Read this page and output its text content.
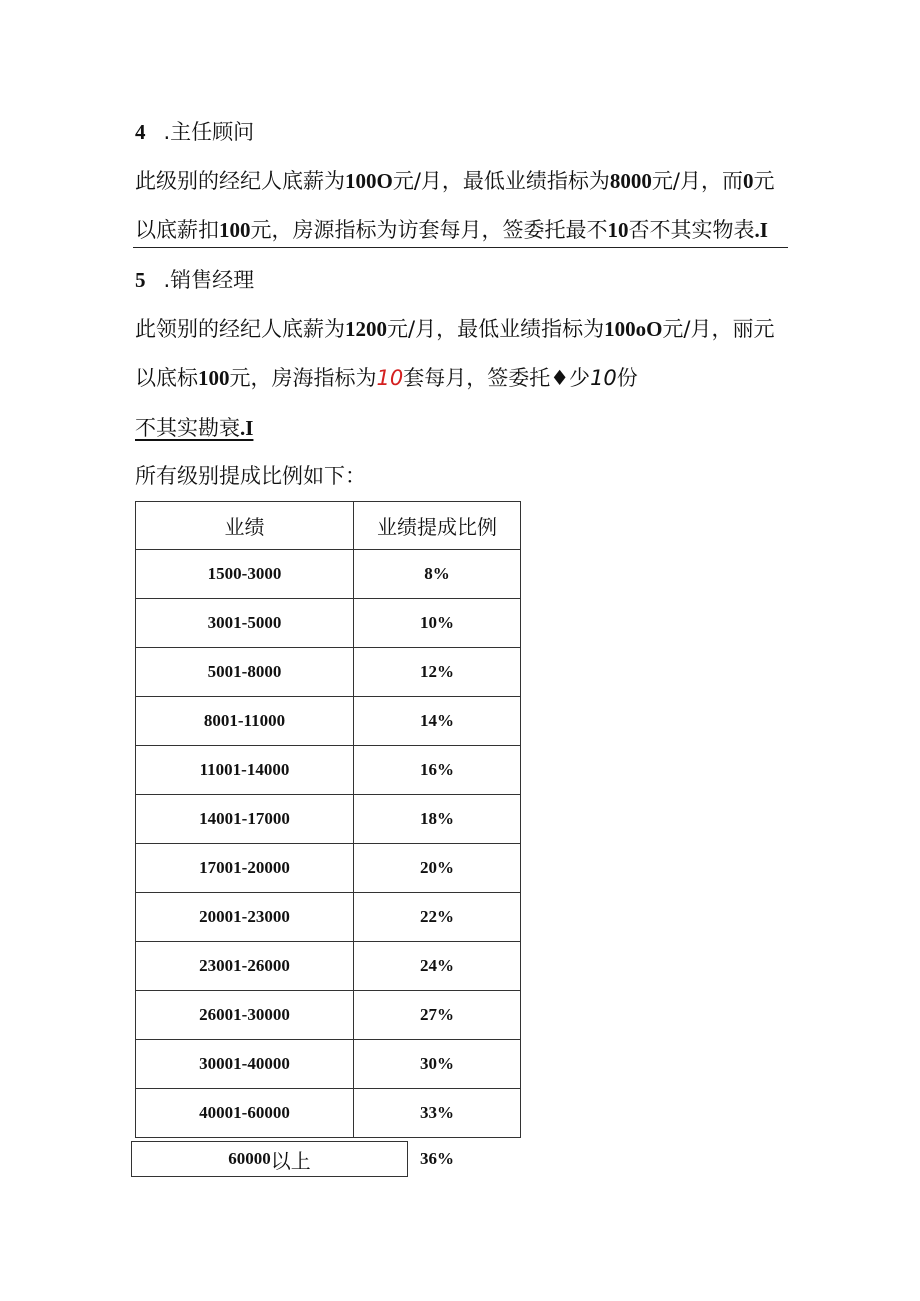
4 .主任顾问
此级别的经纪人底薪为100O元/月，最低业绩指标为8000元/月，而0元
以底薪扣100元，房源指标为访套每月，签委托最不10否不其实物表.I
5 .销售经理
此领别的经纪人底薪为1200元/月，最低业绩指标为100oO元/月，丽元
以底标100元，房海指标为10套每月，签委托♦少10份
不其实勘衰.I
所有级别提成比例如下：
业绩	业绩提成比例
1500-3000	8%
3001-5000	10%
5001-8000	12%
8001-11000	14%
11001-14000	16%
14001-17000	18%
17001-20000	20%
20001-23000	22%
23001-26000	24%
26001-30000	27%
30001-40000	30%
40001-60000	33%
60000 以上	36%
